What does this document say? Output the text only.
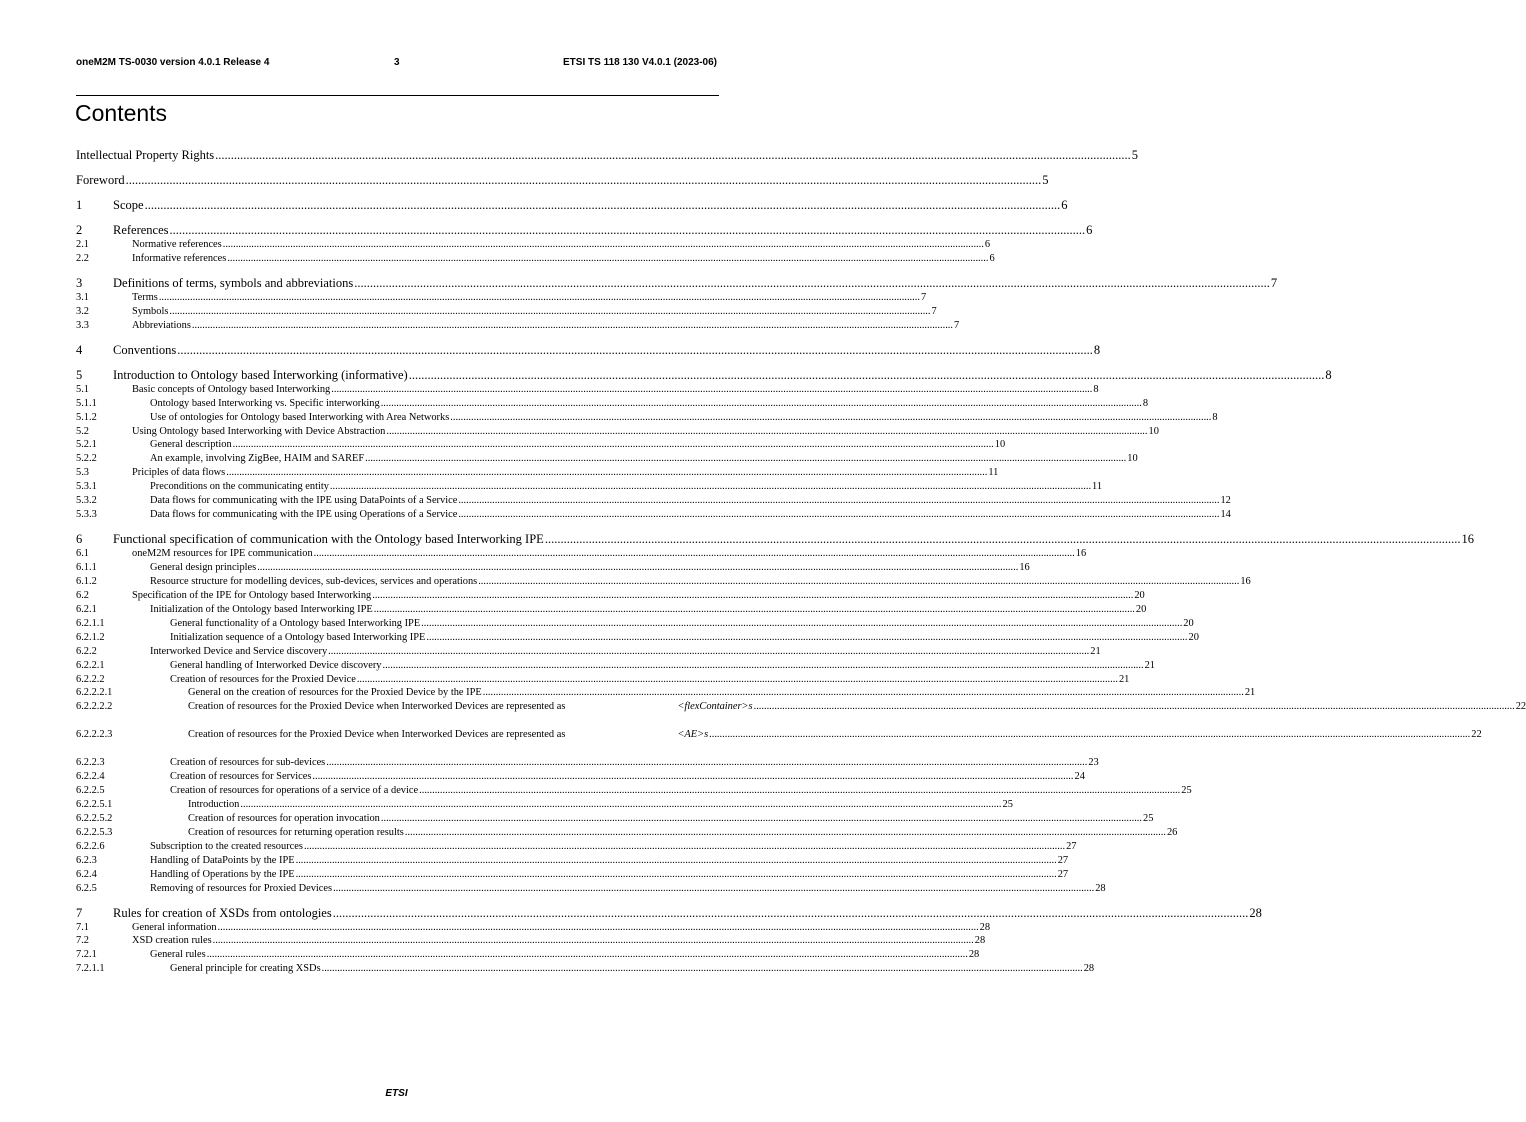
oneM2M TS-0030 version 4.0.1 Release 4	3	ETSI TS 118 130 V4.0.1 (2023-06)
Contents
Intellectual Property Rights .....	5
Foreword .....	5
1	Scope .....	6
2	References .....	6
2.1	Normative references .....	6
2.2	Informative references .....	6
3	Definitions of terms, symbols and abbreviations .....	7
3.1	Terms .....	7
3.2	Symbols .....	7
3.3	Abbreviations .....	7
4	Conventions .....	8
5	Introduction to Ontology based Interworking (informative) .....	8
5.1	Basic concepts of Ontology based Interworking .....	8
5.1.1	Ontology based Interworking vs. Specific interworking .....	8
5.1.2	Use of ontologies for Ontology based Interworking with Area Networks .....	8
5.2	Using Ontology based Interworking with Device Abstraction .....	10
5.2.1	General description .....	10
5.2.2	An example, involving ZigBee, HAIM and SAREF .....	10
5.3	Priciples of data flows .....	11
5.3.1	Preconditions on the communicating entity .....	11
5.3.2	Data flows for communicating with the IPE using DataPoints of a Service .....	12
5.3.3	Data flows for communicating with the IPE using Operations of a Service .....	14
6	Functional specification of communication with the Ontology based Interworking IPE .....	16
6.1	oneM2M resources for IPE communication .....	16
6.1.1	General design principles .....	16
6.1.2	Resource structure for modelling devices, sub-devices, services and operations .....	16
6.2	Specification of the IPE for Ontology based Interworking .....	20
6.2.1	Initialization of the Ontology based Interworking IPE .....	20
6.2.1.1	General functionality of a Ontology based Interworking IPE .....	20
6.2.1.2	Initialization sequence of a Ontology based Interworking IPE .....	20
6.2.2	Interworked Device and Service discovery .....	21
6.2.2.1	General handling of Interworked Device discovery .....	21
6.2.2.2	Creation of resources for the Proxied Device .....	21
6.2.2.2.1	General on the creation of resources for the Proxied Device by the IPE .....	21
6.2.2.2.2	Creation of resources for the Proxied Device when Interworked Devices are represented as	<flexContainer>s .....	22
6.2.2.2.3	Creation of resources for the Proxied Device when Interworked Devices are represented as	<AE>s .....	22
6.2.2.3	Creation of resources for sub-devices .....	23
6.2.2.4	Creation of resources for Services .....	24
6.2.2.5	Creation of resources for operations of a service of a device .....	25
6.2.2.5.1	Introduction .....	25
6.2.2.5.2	Creation of resources for operation invocation .....	25
6.2.2.5.3	Creation of resources for returning operation results .....	26
6.2.2.6	Subscription to the created resources .....	27
6.2.3	Handling of DataPoints by the IPE .....	27
6.2.4	Handling of Operations by the IPE .....	27
6.2.5	Removing of resources for Proxied Devices .....	28
7	Rules for creation of XSDs from ontologies .....	28
7.1	General information .....	28
7.2	XSD creation rules .....	28
7.2.1	General rules .....	28
7.2.1.1	General principle for creating XSDs .....	28
ETSI
